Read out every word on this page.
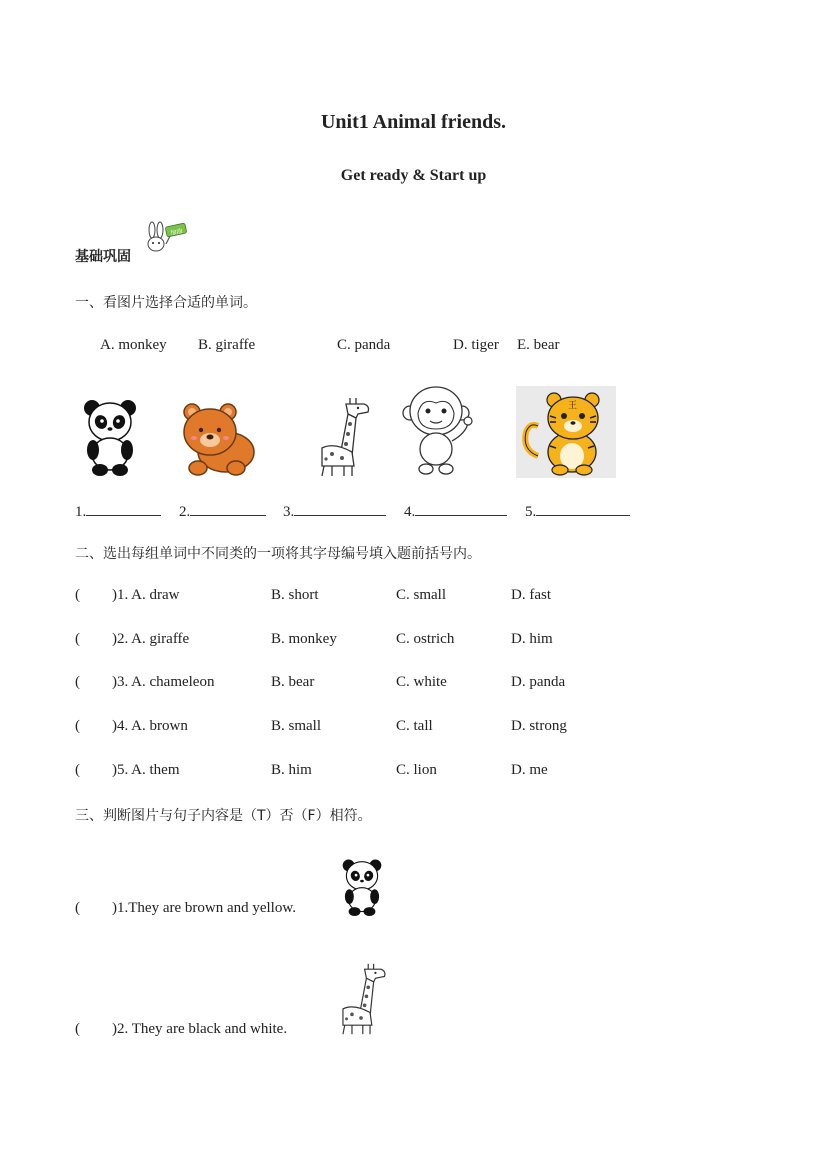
Unit1 Animal friends.
Get ready & Start up
基础巩固
加油
一、看图片选择合适的单词。
A. monkey B. giraffe	C. panda	D. tiger E. bear
王
1.	2.	3.	4.	5.
二、选出每组单词中不同类的一项将其字母编号填入题前括号内。
( )1. A. draw	B. short	C. small	D. fast
( )2. A. giraffe	B. monkey	C. ostrich	D. him
( )3. A. chameleon	B. bear	C. white	D. panda
( )4. A. brown	B. small	C. tall	D. strong
( )5. A. them	B. him	C. lion	D. me
三、判断图片与句子内容是（T）否（F）相符。
( )1.They are brown and yellow.
( )2. They are black and white.
